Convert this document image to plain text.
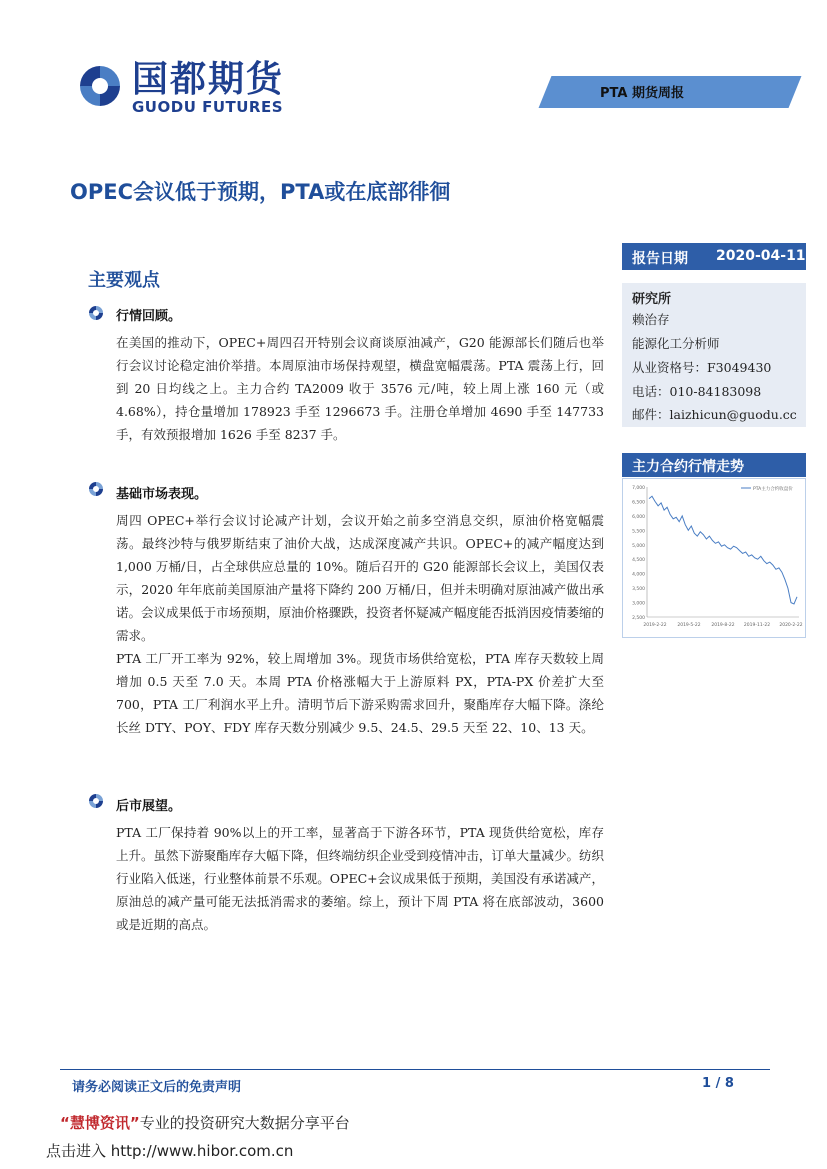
国都期货
GUODU FUTURES
PTA 期货周报
OPEC会议低于预期，PTA或在底部徘徊
主要观点
行情回顾。
在美国的推动下，OPEC+周四召开特别会议商谈原油减产，G20 能源部长们随后也举行会议讨论稳定油价举措。本周原油市场保持观望，横盘宽幅震荡。PTA 震荡上行，回到 20 日均线之上。主力合约 TA2009 收于 3576 元/吨，较上周上涨 160 元（或 4.68%），持仓量增加 178923 手至 1296673 手。注册仓单增加 4690 手至 147733 手，有效预报增加 1626 手至 8237 手。
基础市场表现。
周四 OPEC+举行会议讨论减产计划，会议开始之前多空消息交织，原油价格宽幅震荡。最终沙特与俄罗斯结束了油价大战，达成深度减产共识。OPEC+的减产幅度达到 1,000 万桶/日，占全球供应总量的 10%。随后召开的 G20 能源部长会议上，美国仅表示，2020 年年底前美国原油产量将下降约 200 万桶/日，但并未明确对原油减产做出承诺。会议成果低于市场预期，原油价格骤跌，投资者怀疑减产幅度能否抵消因疫情萎缩的需求。
PTA 工厂开工率为 92%，较上周增加 3%。现货市场供给宽松，PTA 库存天数较上周增加 0.5 天至 7.0 天。本周 PTA 价格涨幅大于上游原料 PX，PTA-PX 价差扩大至 700，PTA 工厂利润水平上升。清明节后下游采购需求回升，聚酯库存大幅下降。涤纶长丝 DTY、POY、FDY 库存天数分别减少 9.5、24.5、29.5 天至 22、10、13 天。
后市展望。
PTA 工厂保持着 90%以上的开工率，显著高于下游各环节，PTA 现货供给宽松，库存上升。虽然下游聚酯库存大幅下降，但终端纺织企业受到疫情冲击，订单大量减少。纺织行业陷入低迷，行业整体前景不乐观。OPEC+会议成果低于预期，美国没有承诺减产，原油总的减产量可能无法抵消需求的萎缩。综上，预计下周 PTA 将在底部波动，3600 或是近期的高点。
报告日期 2020-04-11
研究所
赖治存
能源化工分析师
从业资格号：F3049430
电话：010-84183098
邮件：laizhicun@guodu.cc
主力合约行情走势
7,000
6,500
6,000
5,500
5,000
4,500
4,000
3,500
3,000
2,500
2019-2-22 2019-5-22 2019-8-22 2019-11-22 2020-2-22
PTA主力合约收盘价
请务必阅读正文后的免责声明	1 / 8
“慧博资讯”专业的投资研究大数据分享平台
点击进入 http://www.hibor.com.cn
